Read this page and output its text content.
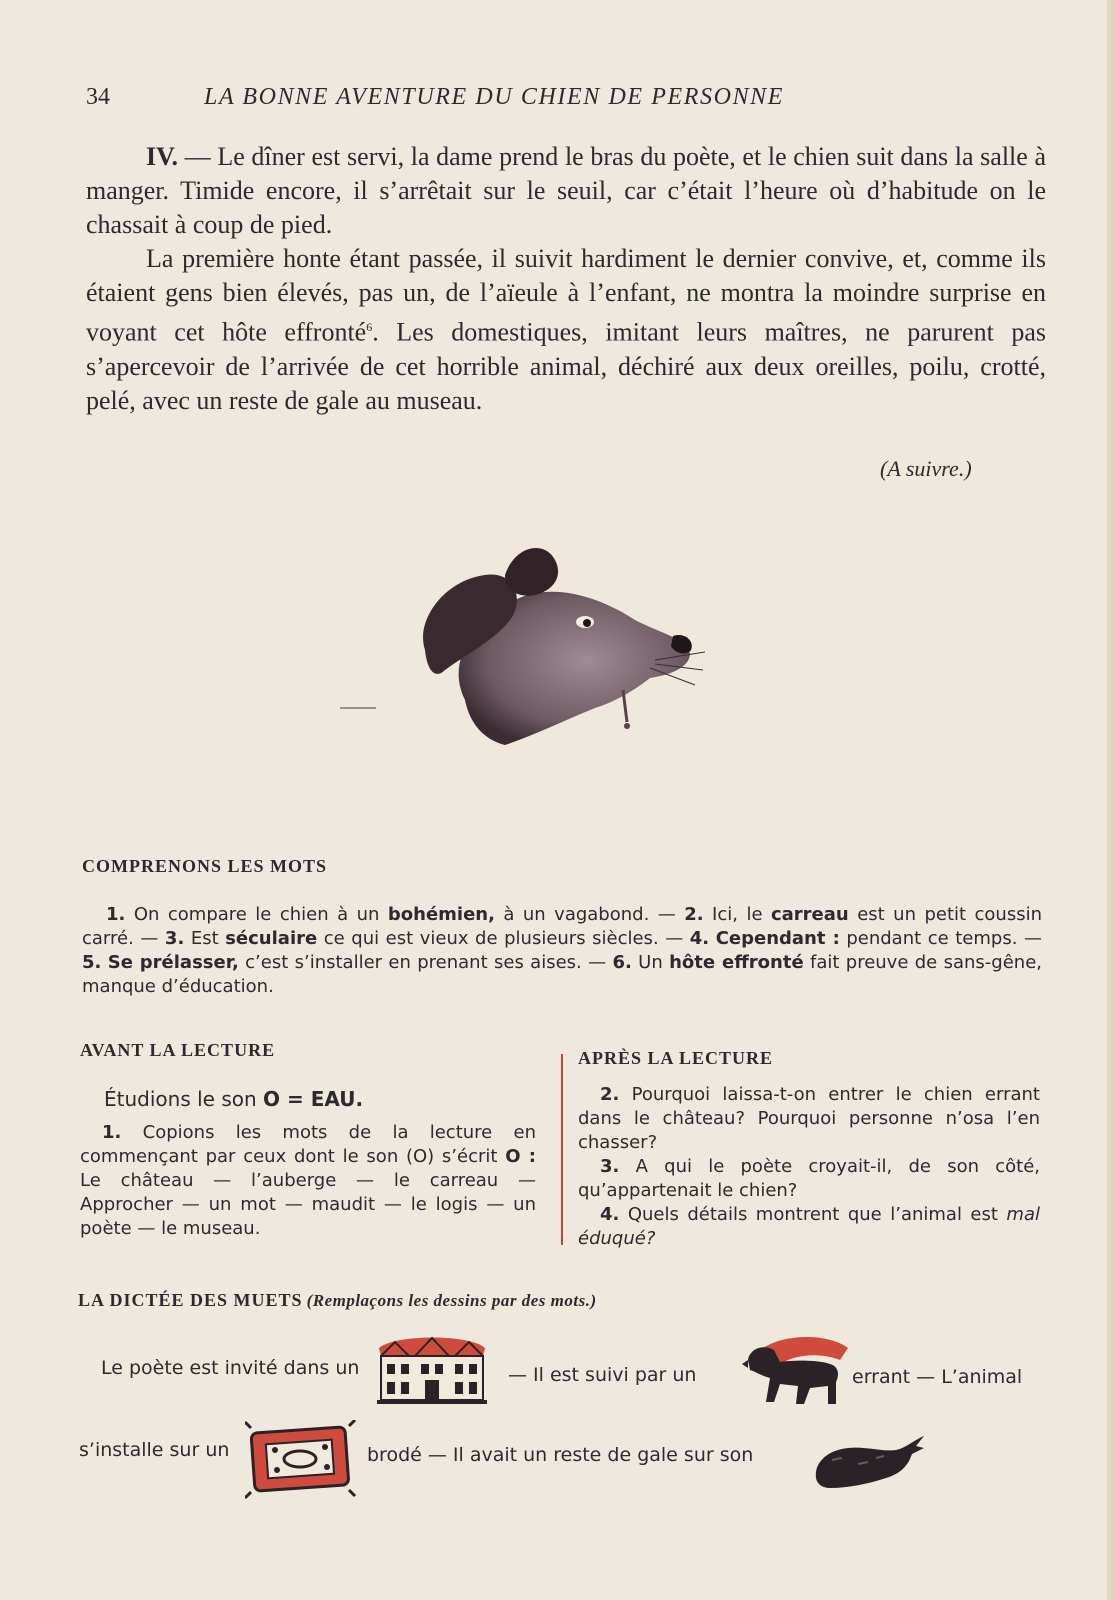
34	LA BONNE AVENTURE DU CHIEN DE PERSONNE

IV. — Le dîner est servi, la dame prend le bras du poète, et le chien suit dans la salle à manger. Timide encore, il s’arrêtait sur le seuil, car c’était l’heure où d’habitude on le chassait à coup de pied.

La première honte étant passée, il suivit hardiment le dernier convive, et, comme ils étaient gens bien élevés, pas un, de l’aïeule à l’enfant, ne montra la moindre surprise en voyant cet hôte effronté$^6$. Les domestiques, imitant leurs maîtres, ne parurent pas s’apercevoir de l’arrivée de cet horrible animal, déchiré aux deux oreilles, poilu, crotté, pelé, avec un reste de gale au museau.

(A suivre.)
COMPRENONS LES MOTS
1. On compare le chien à un bohémien, à un vagabond. — 2. Ici, le carreau est un petit coussin carré. — 3. Est séculaire ce qui est vieux de plusieurs siècles. — 4. Cependant : pendant ce temps. — 5. Se prélasser, c’est s’installer en prenant ses aises. — 6. Un hôte effronté fait preuve de sans-gêne, manque d’éducation.
AVANT LA LECTURE
Étudions le son O = EAU.

1. Copions les mots de la lecture en commençant par ceux dont le son (O) s’écrit O : Le château — l’auberge — le carreau — Approcher — un mot — maudit — le logis — un poète — le museau.

APRÈS LA LECTURE

2. Pourquoi laissa-t-on entrer le chien errant dans le château? Pourquoi personne n’osa l’en chasser?

3. A qui le poète croyait-il, de son côté, qu’appartenait le chien?

4. Quels détails montrent que l’animal est mal éduqué?

LA DICTÉE DES MUETS (Remplaçons les dessins par des mots.)
Le poète est invité dans un	— Il est suivi par un	errant — L’animal
s’installe sur un	brodé — Il avait un reste de gale sur son
